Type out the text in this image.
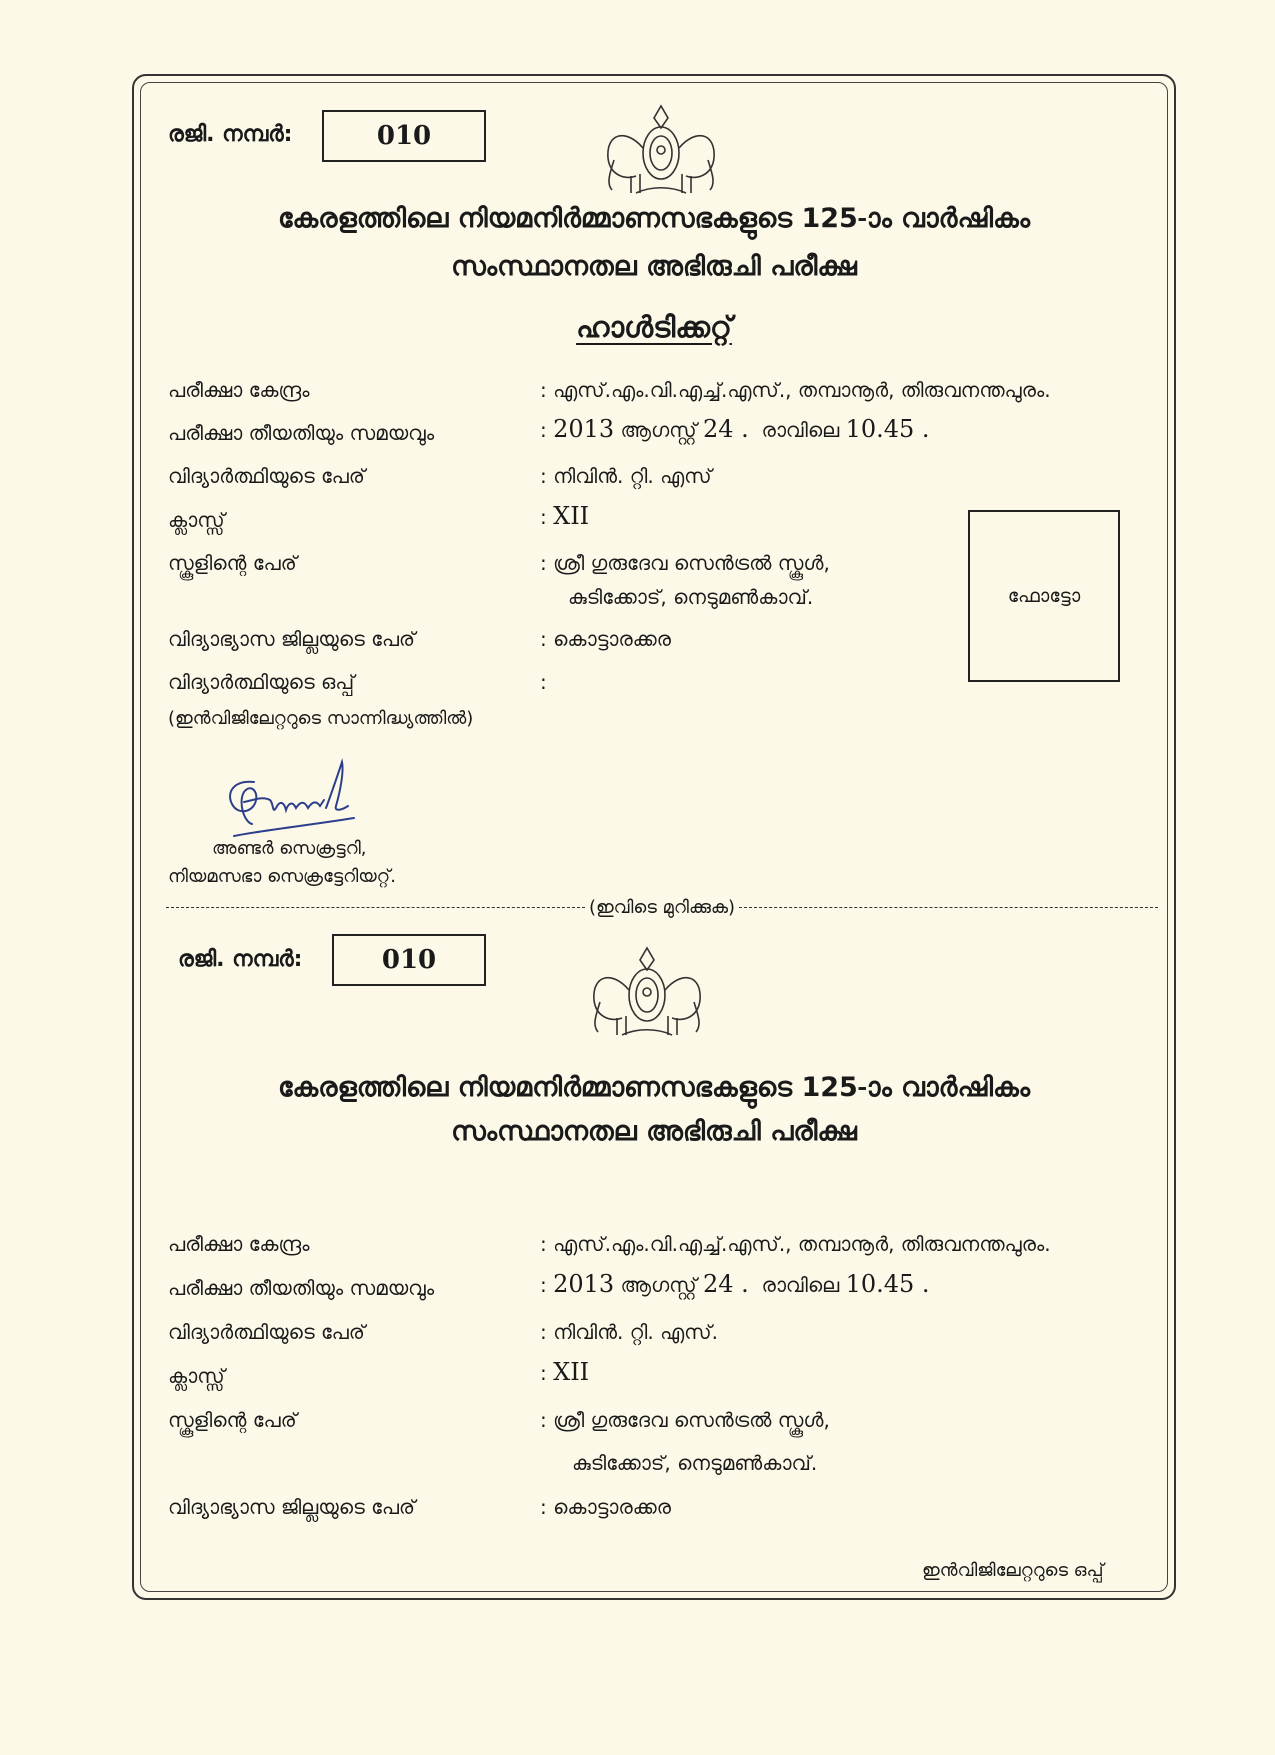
രജി. നമ്പർ:	010
കേരളത്തിലെ നിയമനിർമ്മാണസഭകളുടെ 125-ാം വാർഷികം
സംസ്ഥാനതല അഭിരുചി പരീക്ഷ
ഹാൾടിക്കറ്റ്
പരീക്ഷാ കേന്ദ്രം	: എസ്.എം.വി.എച്ച്.എസ്., തമ്പാനൂർ, തിരുവനന്തപുരം.
പരീക്ഷാ തീയതിയും സമയവും	: 2013 ആഗസ്റ്റ് 24 .  രാവിലെ 10.45 .
വിദ്യാർത്ഥിയുടെ പേര്	: നിവിൻ. റ്റി. എസ്
ക്ലാസ്സ്	: XII
സ്കൂളിന്റെ പേര്	: ശ്രീ ഗുരുദേവ സെൻട്രൽ സ്കൂൾ,
കുടിക്കോട്, നെടുമൺകാവ്.
വിദ്യാഭ്യാസ ജില്ലയുടെ പേര്	: കൊട്ടാരക്കര
വിദ്യാർത്ഥിയുടെ ഒപ്പ്	:
(ഇൻവിജിലേറ്ററുടെ സാന്നിദ്ധ്യത്തിൽ)
ഫോട്ടോ
അണ്ടർ സെക്രട്ടറി,
നിയമസഭാ സെക്രട്ടേറിയറ്റ്.
(ഇവിടെ മുറിക്കുക)
രജി. നമ്പർ:	010
കേരളത്തിലെ നിയമനിർമ്മാണസഭകളുടെ 125-ാം വാർഷികം
സംസ്ഥാനതല അഭിരുചി പരീക്ഷ
പരീക്ഷാ കേന്ദ്രം	: എസ്.എം.വി.എച്ച്.എസ്., തമ്പാനൂർ, തിരുവനന്തപുരം.
പരീക്ഷാ തീയതിയും സമയവും	: 2013 ആഗസ്റ്റ് 24 .  രാവിലെ 10.45 .
വിദ്യാർത്ഥിയുടെ പേര്	: നിവിൻ. റ്റി. എസ്.
ക്ലാസ്സ്	: XII
സ്കൂളിന്റെ പേര്	: ശ്രീ ഗുരുദേവ സെൻട്രൽ സ്കൂൾ,
കുടിക്കോട്, നെടുമൺകാവ്.
വിദ്യാഭ്യാസ ജില്ലയുടെ പേര്	: കൊട്ടാരക്കര
ഇൻവിജിലേറ്ററുടെ ഒപ്പ്
